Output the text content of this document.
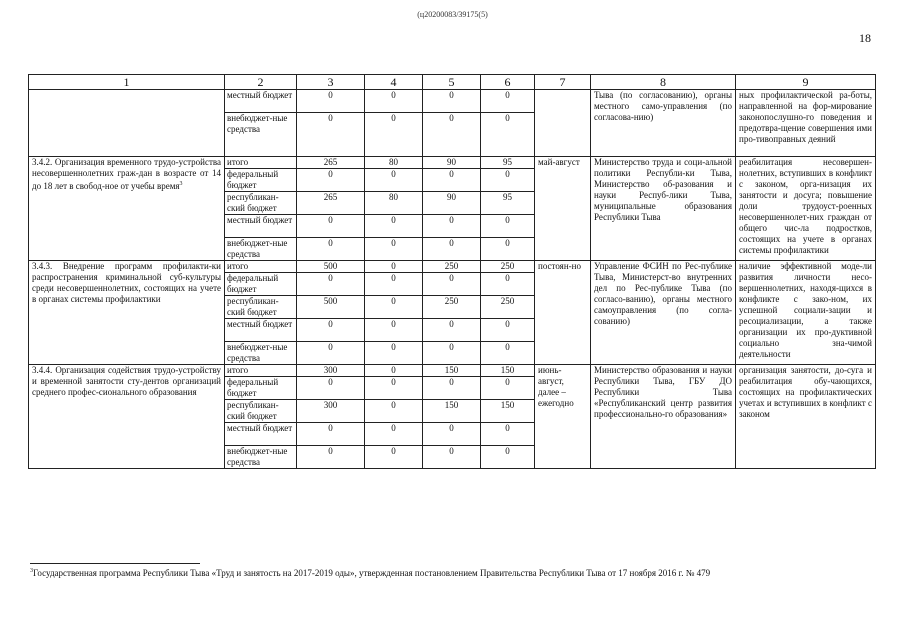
(ц20200083/39175(5)
18
1	2	3	4	5	6	7	8	9
	местный бюджет	0	0	0	0		Тыва (по согласованию), органы местного само-управления (по согласова-нию)	ных профилактической ра-боты, направленной на фор-мирование законопослушно-го поведения и предотвра-щение совершения ими про-тивоправных деяний
	внебюджет-ные средства	0	0	0	0			
3.4.2. Организация временного трудо-устройства несовершеннолетних граж-дан в возрасте от 14 до 18 лет в свобод-ное от учебы время$^3$	итого	265	80	90	95	май-август	Министерство труда и соци-альной политики Республи-ки Тыва, Министерство об-разования и науки Респуб-лики Тыва, муниципальные образования Республики Тыва	реабилитация несовершен-нолетних, вступивших в конфликт с законом, орга-низация их занятости и досуга; повышение доли трудоуст-роенных несовершеннолет-них граждан от общего чис-ла подростков, состоящих на учете в органах системы профилактики
	федеральный бюджет	0	0	0	0			
	республикан-ский бюджет	265	80	90	95			
	местный бюджет	0	0	0	0			
	внебюджет-ные средства	0	0	0	0			
3.4.3. Внедрение программ профилакти-ки распространения криминальной суб-культуры среди несовершеннолетних, состоящих на учете в органах системы профилактики	итого	500	0	250	250	постоян-но	Управление ФСИН по Рес-публике Тыва, Министерст-во внутренних дел по Рес-публике Тыва (по согласо-ванию), органы местного самоуправления (по согла-сованию)	наличие эффективной моде-ли развития личности несо-вершеннолетних, находя-щихся в конфликте с зако-ном, их успешной социали-зации и ресоциализации, а также организации их про-дуктивной социально зна-чимой деятельности
	федеральный бюджет	0	0	0	0			
	республикан-ский бюджет	500	0	250	250			
	местный бюджет	0	0	0	0			
	внебюджет-ные средства	0	0	0	0			
3.4.4. Организация содействия трудо-устройству и временной занятости сту-дентов организаций среднего профес-сионального образования	итого	300	0	150	150	июнь-август, далее – ежегодно	Министерство образования и науки Республики Тыва, ГБУ ДО Республики Тыва «Республиканский центр развития профессионально-го образования»	организация занятости, до-суга и реабилитация обу-чающихся, состоящих на профилактических учетах и вступивших в конфликт с законом
	федеральный бюджет	0	0	0	0			
	республикан-ский бюджет	300	0	150	150			
	местный бюджет	0	0	0	0			
	внебюджет-ные средства	0	0	0	0			
$^3$Государственная программа Республики Тыва «Труд и занятость на 2017-2019 оды», утвержденная постановлением Правительства Республики Тыва от 17 ноября 2016 г. № 479
